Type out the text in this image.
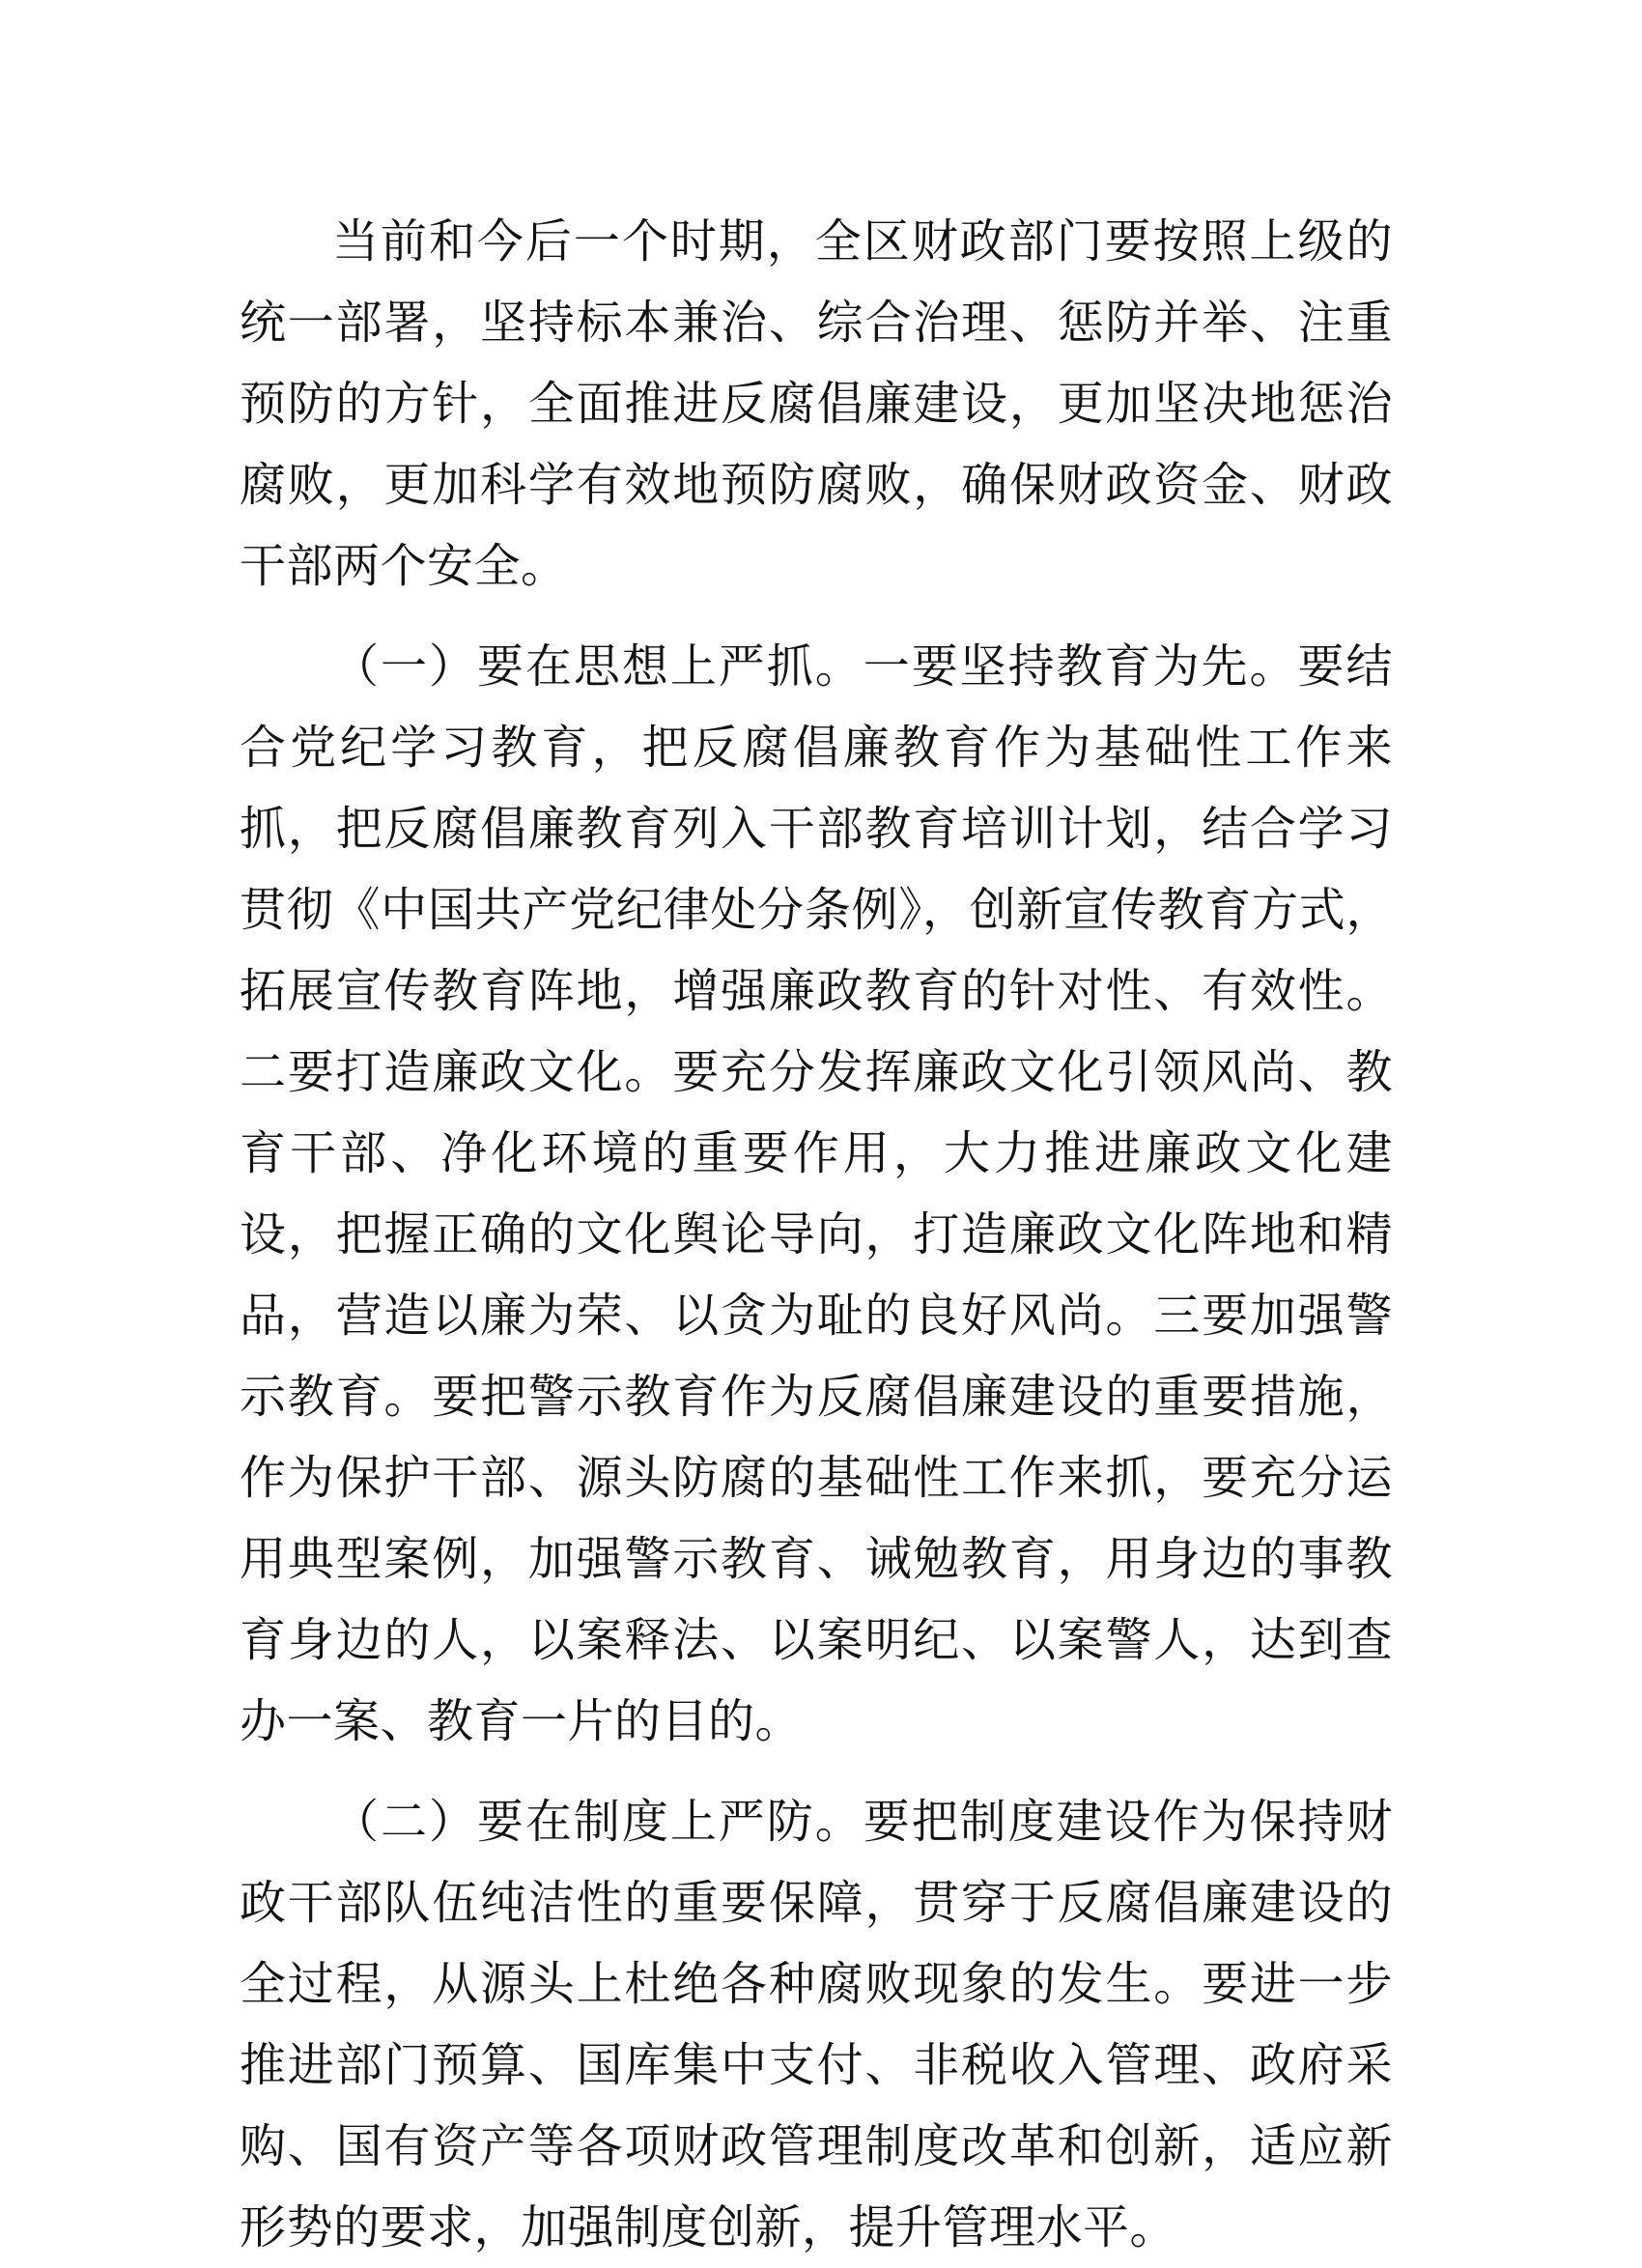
当前和今后一个时期，全区财政部门要按照上级的统一部署，坚持标本兼治、综合治理、惩防并举、注重预防的方针，全面推进反腐倡廉建设，更加坚决地惩治腐败，更加科学有效地预防腐败，确保财政资金、财政干部两个安全。

（一）要在思想上严抓。一要坚持教育为先。要结合党纪学习教育，把反腐倡廉教育作为基础性工作来抓，把反腐倡廉教育列入干部教育培训计划，结合学习贯彻《中国共产党纪律处分条例》，创新宣传教育方式，拓展宣传教育阵地，增强廉政教育的针对性、有效性。二要打造廉政文化。要充分发挥廉政文化引领风尚、教育干部、净化环境的重要作用，大力推进廉政文化建设，把握正确的文化舆论导向，打造廉政文化阵地和精品，营造以廉为荣、以贪为耻的良好风尚。三要加强警示教育。要把警示教育作为反腐倡廉建设的重要措施，作为保护干部、源头防腐的基础性工作来抓，要充分运用典型案例，加强警示教育、诫勉教育，用身边的事教育身边的人，以案释法、以案明纪、以案警人，达到查办一案、教育一片的目的。

（二）要在制度上严防。要把制度建设作为保持财政干部队伍纯洁性的重要保障，贯穿于反腐倡廉建设的全过程，从源头上杜绝各种腐败现象的发生。要进一步推进部门预算、国库集中支付、非税收入管理、政府采购、国有资产等各项财政管理制度改革和创新，适应新形势的要求，加强制度创新，提升管理水平。
